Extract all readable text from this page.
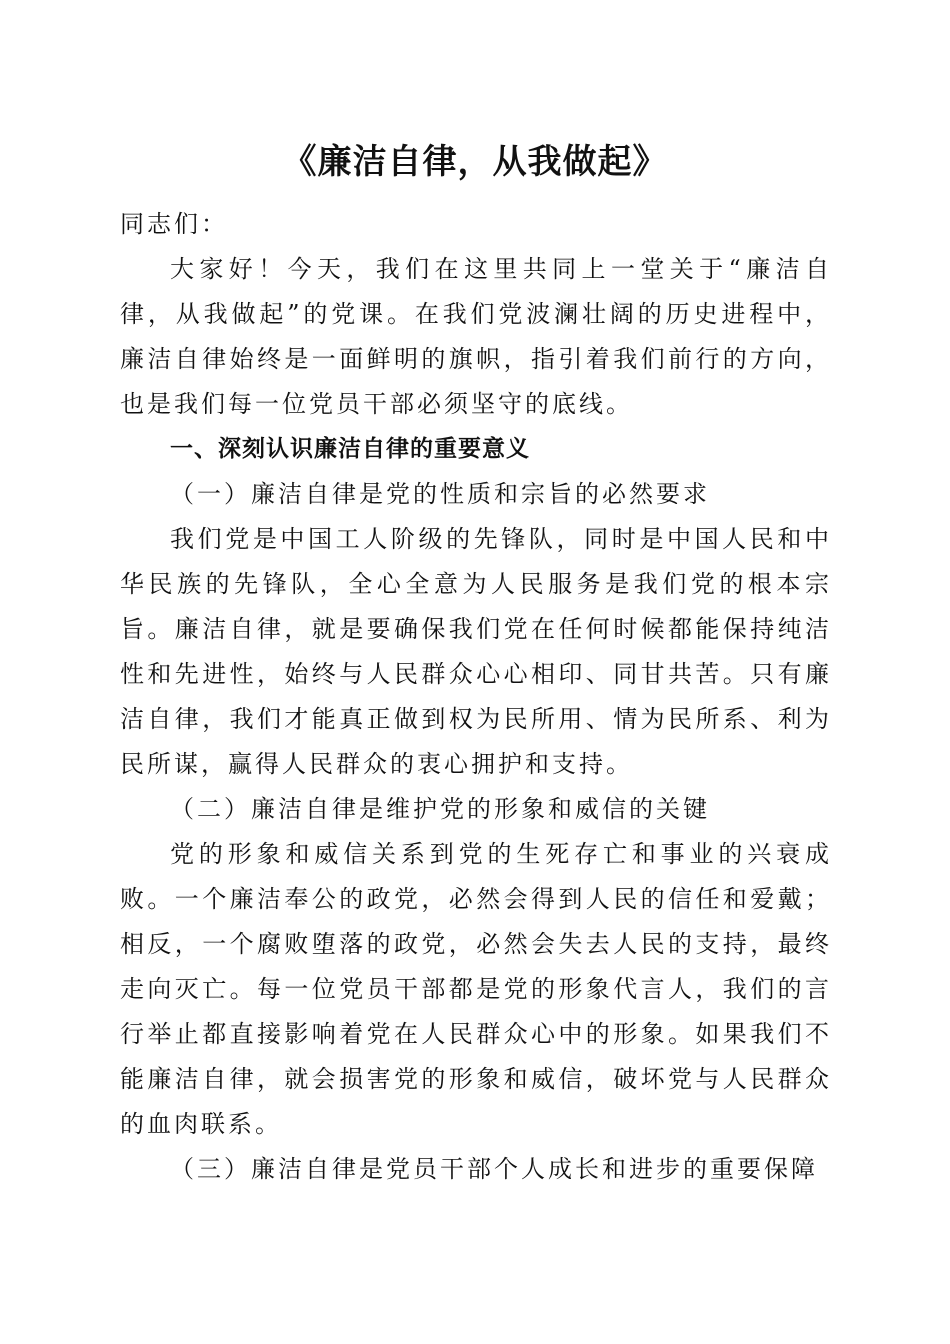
《廉洁自律，从我做起》

同志们：

大家好！今天，我们在这里共同上一堂关于“廉洁自律，从我做起”的党课。在我们党波澜壮阔的历史进程中，廉洁自律始终是一面鲜明的旗帜，指引着我们前行的方向，也是我们每一位党员干部必须坚守的底线。

一、深刻认识廉洁自律的重要意义

（一）廉洁自律是党的性质和宗旨的必然要求

我们党是中国工人阶级的先锋队，同时是中国人民和中华民族的先锋队，全心全意为人民服务是我们党的根本宗旨。廉洁自律，就是要确保我们党在任何时候都能保持纯洁性和先进性，始终与人民群众心心相印、同甘共苦。只有廉洁自律，我们才能真正做到权为民所用、情为民所系、利为民所谋，赢得人民群众的衷心拥护和支持。

（二）廉洁自律是维护党的形象和威信的关键

党的形象和威信关系到党的生死存亡和事业的兴衰成败。一个廉洁奉公的政党，必然会得到人民的信任和爱戴；相反，一个腐败堕落的政党，必然会失去人民的支持，最终走向灭亡。每一位党员干部都是党的形象代言人，我们的言行举止都直接影响着党在人民群众心中的形象。如果我们不能廉洁自律，就会损害党的形象和威信，破坏党与人民群众的血肉联系。

（三）廉洁自律是党员干部个人成长和进步的重要保障
